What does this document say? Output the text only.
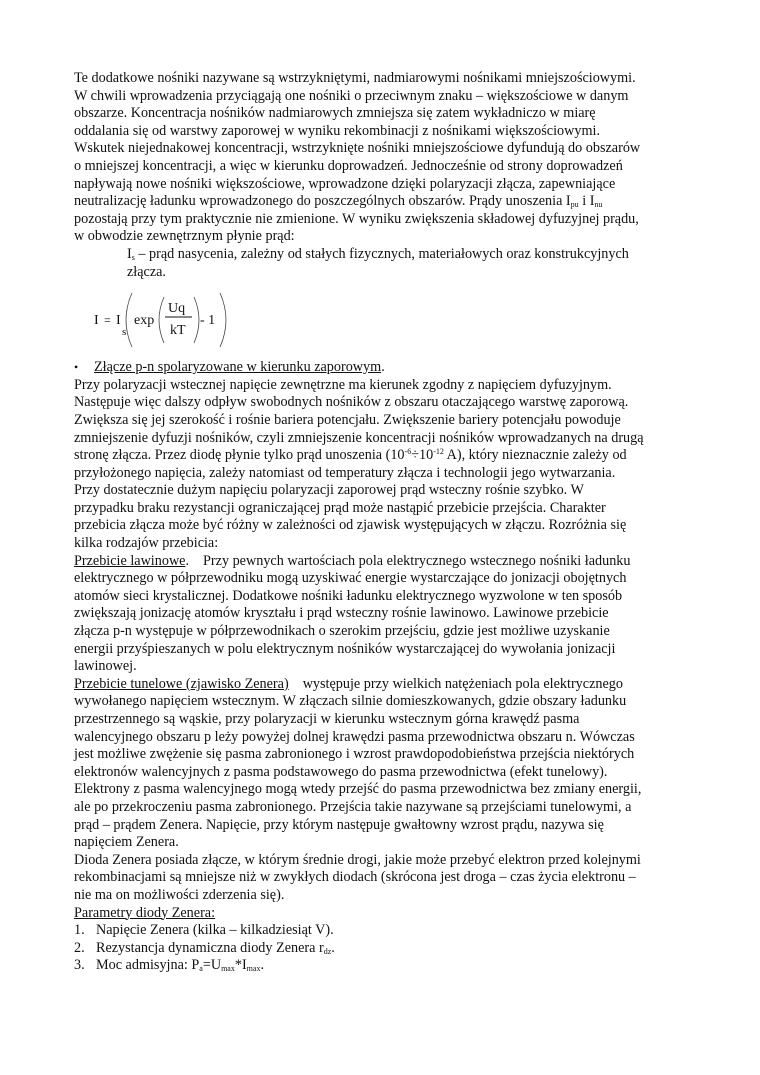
Te dodatkowe nośniki nazywane są wstrzykniętymi, nadmiarowymi nośnikami mniejszościowymi.
W chwili wprowadzenia przyciągają one nośniki o przeciwnym znaku – większościowe w danym
obszarze. Koncentracja nośników nadmiarowych zmniejsza się zatem wykładniczo w miarę
oddalania się od warstwy zaporowej w wyniku rekombinacji z nośnikami większościowymi.
Wskutek niejednakowej koncentracji, wstrzyknięte nośniki mniejszościowe dyfundują do obszarów
o mniejszej koncentracji, a więc w kierunku doprowadzeń. Jednocześnie od strony doprowadzeń
napływają nowe nośniki większościowe, wprowadzone dzięki polaryzacji złącza, zapewniające
neutralizację ładunku wprowadzonego do poszczególnych obszarów. Prądy unoszenia $I_{pu}$ i $I_{nu}$
pozostają przy tym praktycznie nie zmienione. W wyniku zwiększenia składowej dyfuzyjnej prądu,
w obwodzie zewnętrznym płynie prąd:
$I_s$ – prąd nasycenia, zależny od stałych fizycznych, materiałowych oraz konstrukcyjnych
złącza.
I = I
s
exp
Uq
kT
- 1
• Złącze p-n spolaryzowane w kierunku zaporowym.
Przy polaryzacji wstecznej napięcie zewnętrzne ma kierunek zgodny z napięciem dyfuzyjnym.
Następuje więc dalszy odpływ swobodnych nośników z obszaru otaczającego warstwę zaporową.
Zwiększa się jej szerokość i rośnie bariera potencjału. Zwiększenie bariery potencjału powoduje
zmniejszenie dyfuzji nośników, czyli zmniejszenie koncentracji nośników wprowadzanych na drugą
stronę złącza. Przez diodę płynie tylko prąd unoszenia ($10^{-6}\div 10^{-12}$ A), który nieznacznie zależy od
przyłożonego napięcia, zależy natomiast od temperatury złącza i technologii jego wytwarzania.
Przy dostatecznie dużym napięciu polaryzacji zaporowej prąd wsteczny rośnie szybko. W
przypadku braku rezystancji ograniczającej prąd może nastąpić przebicie przejścia. Charakter
przebicia złącza może być różny w zależności od zjawisk występujących w złączu. Rozróżnia się
kilka rodzajów przebicia:
Przebicie lawinowe. Przy pewnych wartościach pola elektrycznego wstecznego nośniki ładunku
elektrycznego w półprzewodniku mogą uzyskiwać energie wystarczające do jonizacji obojętnych
atomów sieci krystalicznej. Dodatkowe nośniki ładunku elektrycznego wyzwolone w ten sposób
zwiększają jonizację atomów kryształu i prąd wsteczny rośnie lawinowo. Lawinowe przebicie
złącza p-n występuje w półprzewodnikach o szerokim przejściu, gdzie jest możliwe uzyskanie
energii przyśpieszanych w polu elektrycznym nośników wystarczającej do wywołania jonizacji
lawinowej.
Przebicie tunelowe (zjawisko Zenera) występuje przy wielkich natężeniach pola elektrycznego
wywołanego napięciem wstecznym. W złączach silnie domieszkowanych, gdzie obszary ładunku
przestrzennego są wąskie, przy polaryzacji w kierunku wstecznym górna krawędź pasma
walencyjnego obszaru p leży powyżej dolnej krawędzi pasma przewodnictwa obszaru n. Wówczas
jest możliwe zwężenie się pasma zabronionego i wzrost prawdopodobieństwa przejścia niektórych
elektronów walencyjnych z pasma podstawowego do pasma przewodnictwa (efekt tunelowy).
Elektrony z pasma walencyjnego mogą wtedy przejść do pasma przewodnictwa bez zmiany energii,
ale po przekroczeniu pasma zabronionego. Przejścia takie nazywane są przejściami tunelowymi, a
prąd – prądem Zenera. Napięcie, przy którym następuje gwałtowny wzrost prądu, nazywa się
napięciem Zenera.
Dioda Zenera posiada złącze, w którym średnie drogi, jakie może przebyć elektron przed kolejnymi
rekombinacjami są mniejsze niż w zwykłych diodach (skrócona jest droga – czas życia elektronu –
nie ma on możliwości zderzenia się).
Parametry diody Zenera:
1. Napięcie Zenera (kilka – kilkadziesiąt V).
2. Rezystancja dynamiczna diody Zenera $r_{dz}$.
3. Moc admisyjna: $P_a=U_{max}*I_{max}$.
